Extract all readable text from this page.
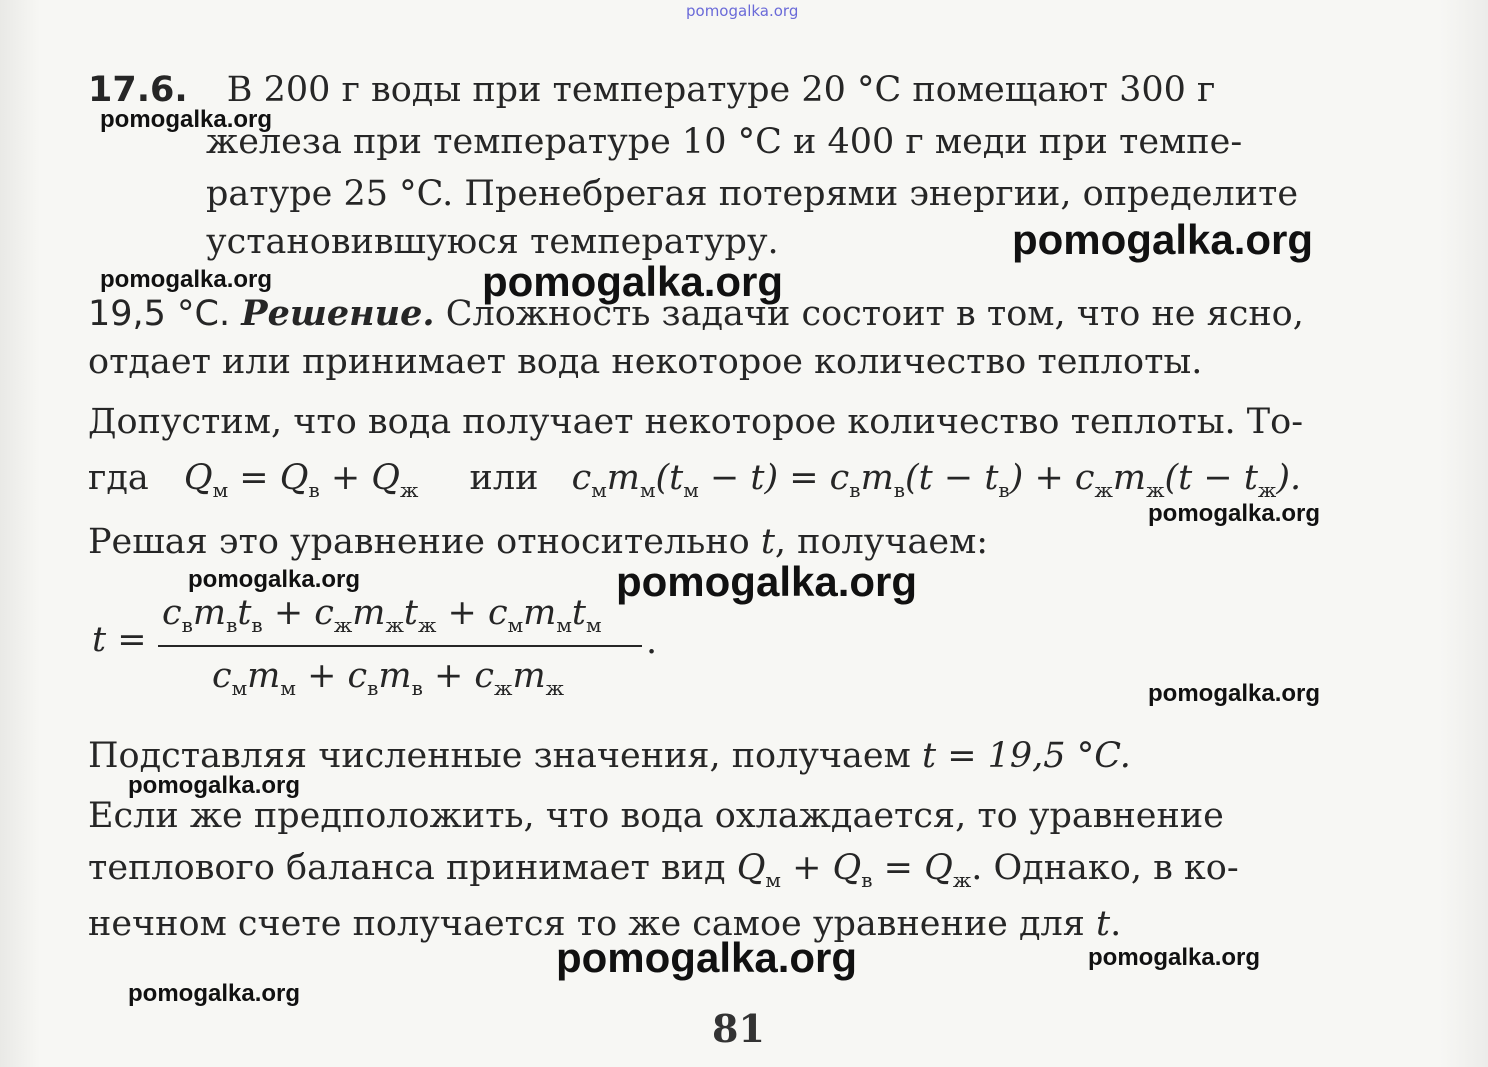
pomogalka.org
17.6. В 200 г воды при температуре 20 °C помещают 300 г
железа при температуре 10 °C и 400 г меди при темпе-
ратуре 25 °C. Пренебрегая потерями энергии, определите
установившуюся температуру.
19,5 °C. Решение. Сложность задачи состоит в том, что не ясно,
отдает или принимает вода некоторое количество теплоты.
Допустим, что вода получает некоторое количество теплоты. То-
гда $Q_м = Q_в + Q_ж$ или $c_мm_м(t_м - t) = c_вm_в(t - t_в) + c_жm_ж(t - t_ж)$.
Решая это уравнение относительно t, получаем:
t =
$c_вm_вt_в + c_жm_жt_ж + c_мm_мt_м$ .
$c_мm_м + c_вm_в + c_жm_ж$
Подставляя численные значения, получаем t = 19,5 °C.
Если же предположить, что вода охлаждается, то уравнение
теплового баланса принимает вид $Q_м + Q_в = Q_ж$. Однако, в ко-
нечном счете получается то же самое уравнение для t.
81
pomogalka.org
pomogalka.org
pomogalka.org	pomogalka.org
pomogalka.org
pomogalka.org	pomogalka.org
pomogalka.org
pomogalka.org
pomogalka.org	pomogalka.org
pomogalka.org
